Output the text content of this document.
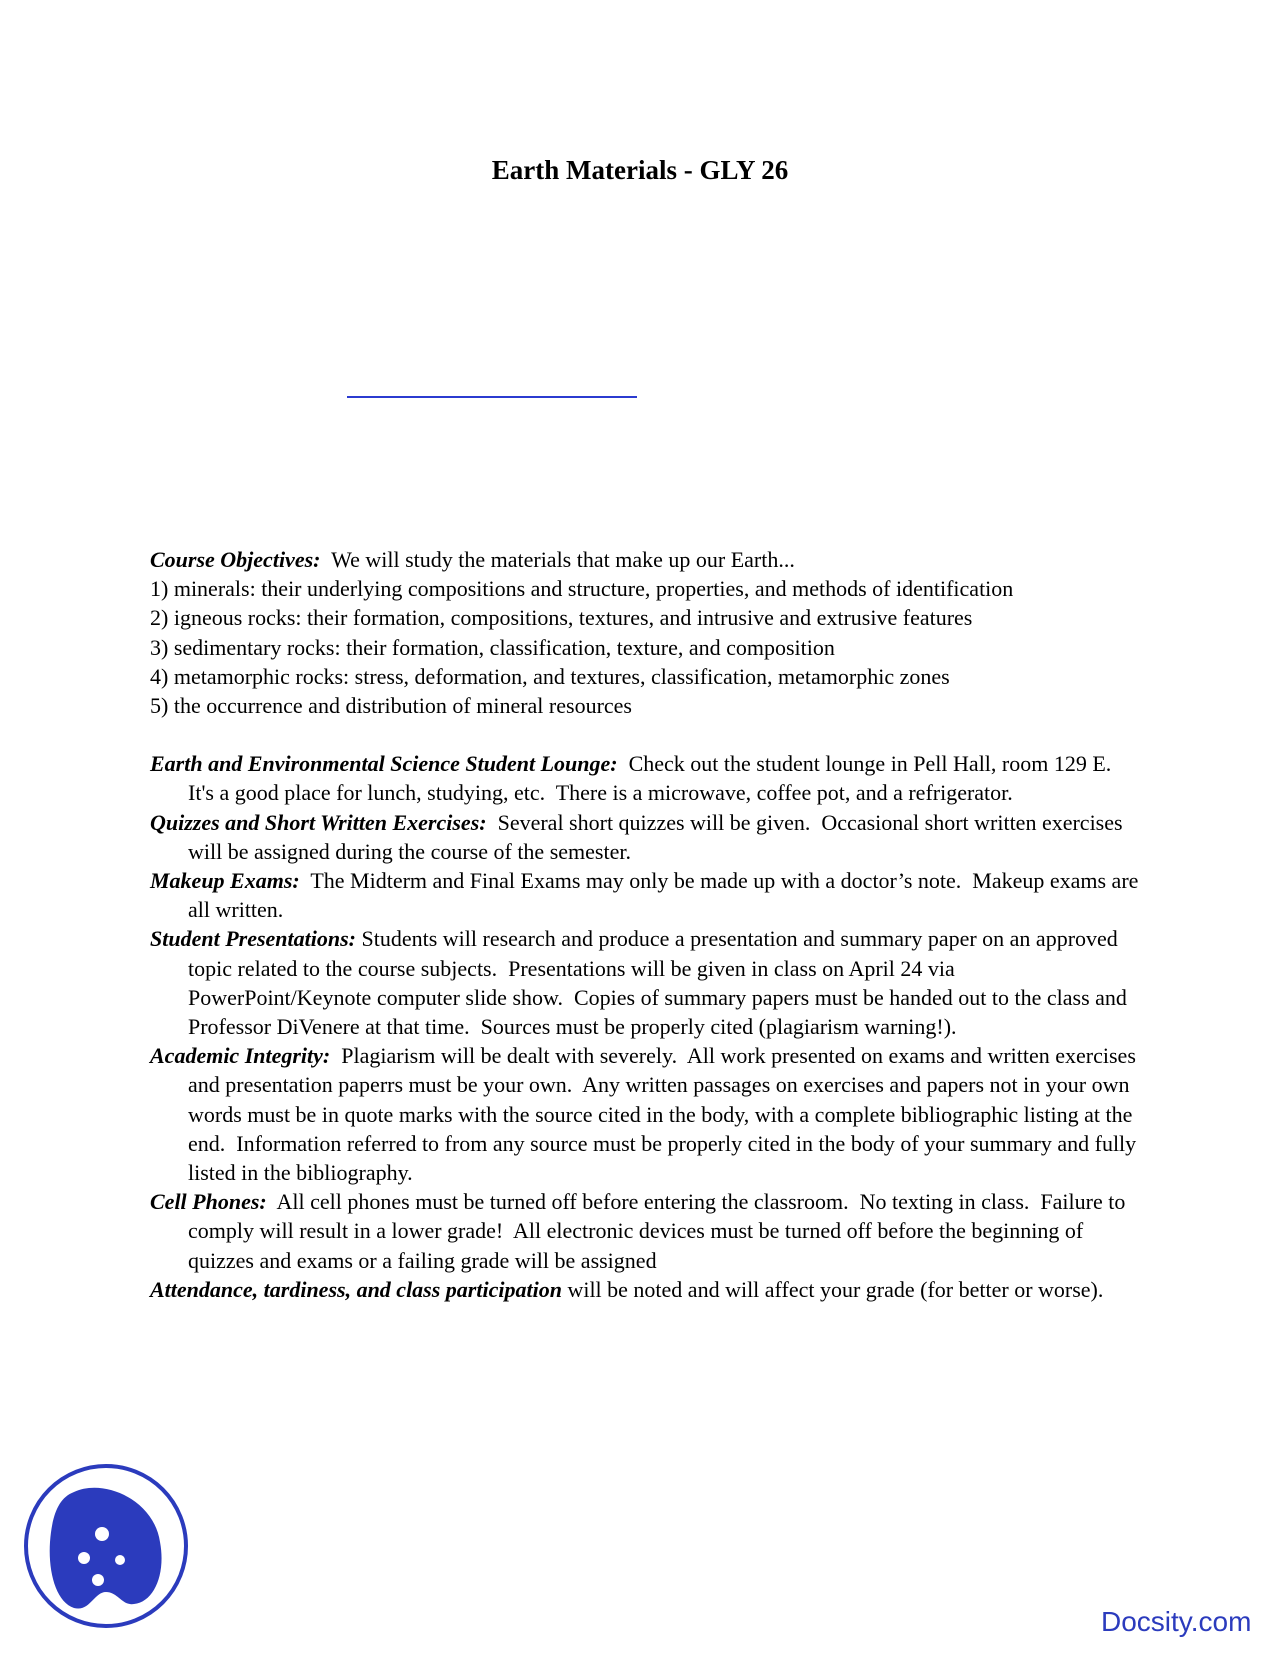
Earth Materials - GLY 26

Course Objectives:  We will study the materials that make up our Earth...

1) minerals: their underlying compositions and structure, properties, and methods of identification

2) igneous rocks: their formation, compositions, textures, and intrusive and extrusive features

3) sedimentary rocks: their formation, classification, texture, and composition

4) metamorphic rocks: stress, deformation, and textures, classification, metamorphic zones

5) the occurrence and distribution of mineral resources

Earth and Environmental Science Student Lounge:  Check out the student lounge in Pell Hall, room 129 E.  It's a good place for lunch, studying, etc.  There is a microwave, coffee pot, and a refrigerator.

Quizzes and Short Written Exercises:  Several short quizzes will be given.  Occasional short written exercises will be assigned during the course of the semester.

Makeup Exams:  The Midterm and Final Exams may only be made up with a doctor’s note.  Makeup exams are all written.

Student Presentations: Students will research and produce a presentation and summary paper on an approved topic related to the course subjects.  Presentations will be given in class on April 24 via PowerPoint/Keynote computer slide show.  Copies of summary papers must be handed out to the class and Professor DiVenere at that time.  Sources must be properly cited (plagiarism warning!).

Academic Integrity:  Plagiarism will be dealt with severely.  All work presented on exams and written exercises and presentation paperrs must be your own.  Any written passages on exercises and papers not in your own words must be in quote marks with the source cited in the body, with a complete bibliographic listing at the end.  Information referred to from any source must be properly cited in the body of your summary and fully listed in the bibliography.

Cell Phones:  All cell phones must be turned off before entering the classroom.  No texting in class.  Failure to comply will result in a lower grade!  All electronic devices must be turned off before the beginning of quizzes and exams or a failing grade will be assigned

Attendance, tardiness, and class participation will be noted and will affect your grade (for better or worse).

Docsity.com
